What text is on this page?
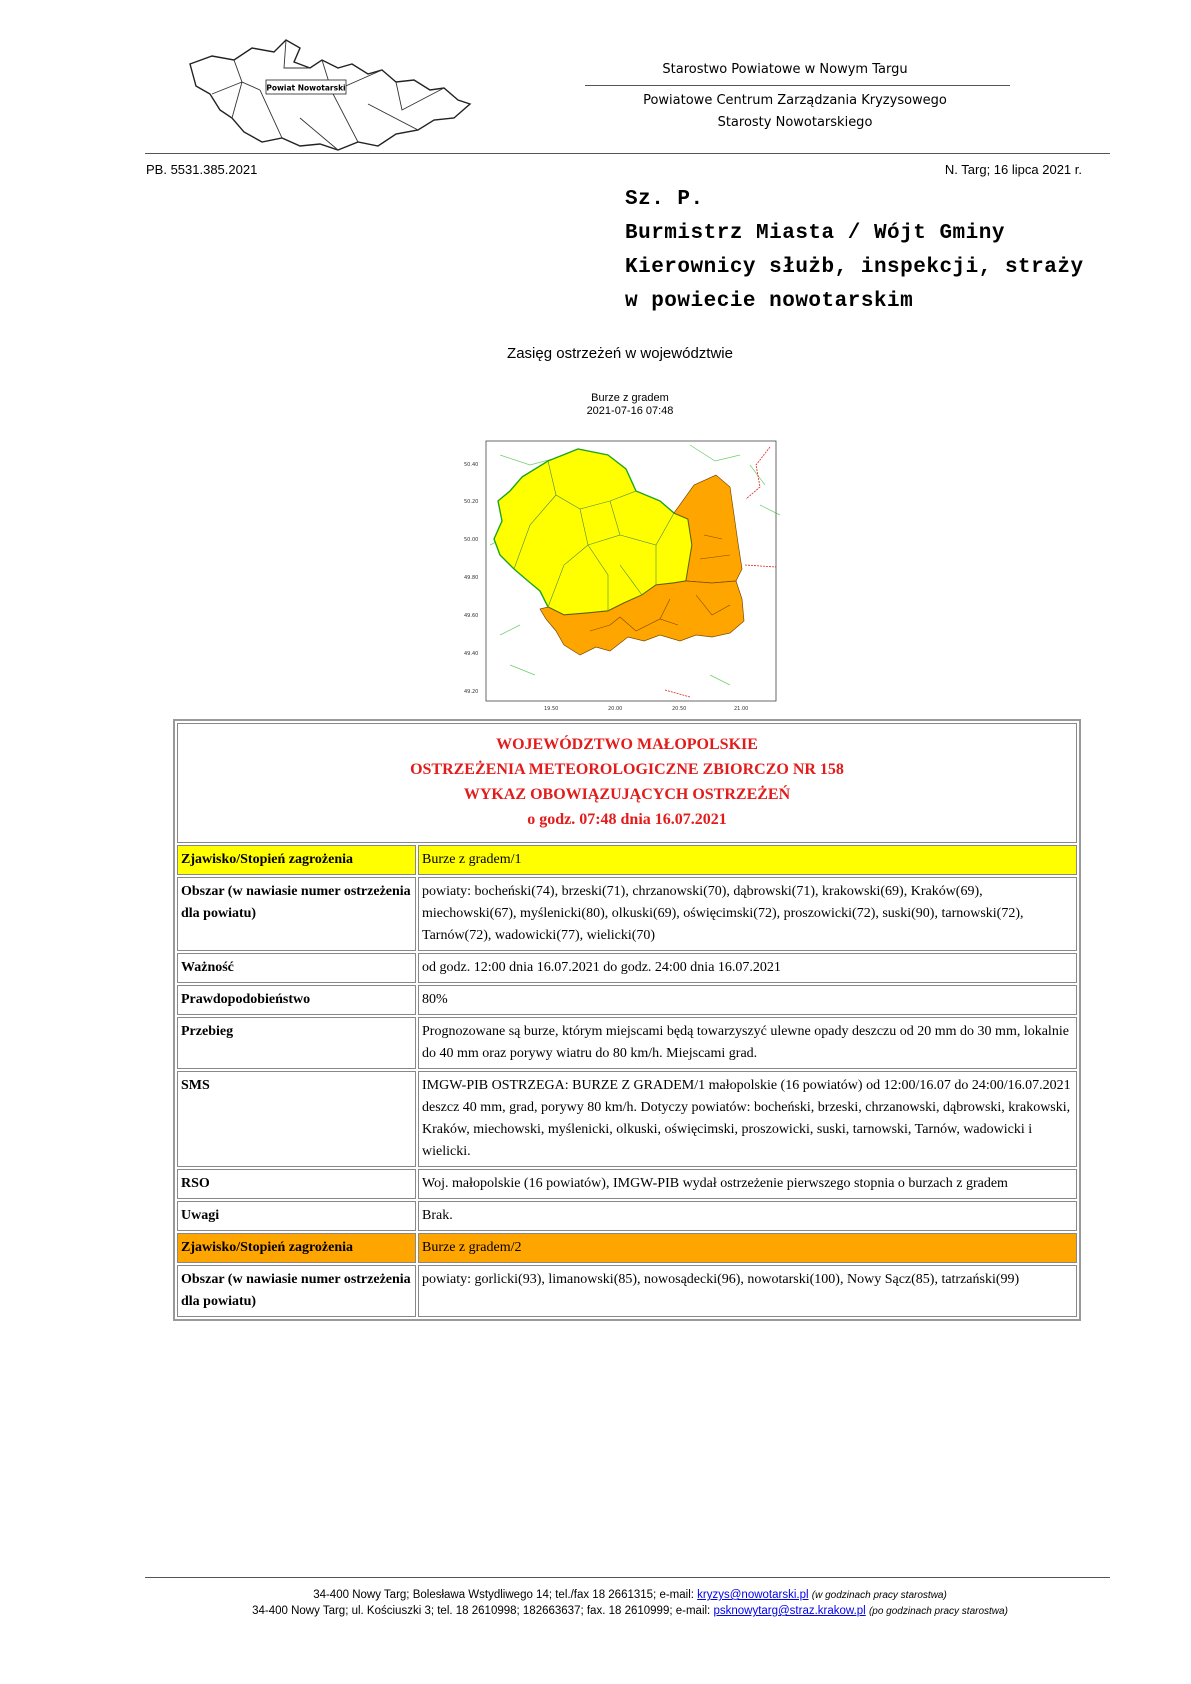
Powiat Nowotarski
Starostwo Powiatowe w Nowym Targu
Powiatowe Centrum Zarządzania Kryzysowego
Starosty Nowotarskiego
PB. 5531.385.2021	N. Targ; 16 lipca 2021 r.
Sz. P.
Burmistrz Miasta / Wójt Gminy
Kierownicy służb, inspekcji, straży
w powiecie nowotarskim
Zasięg ostrzeżeń w województwie
Burze z gradem
2021-07-16 07:48
50.40
50.20
50.00
49.80
49.60
49.40
49.20
19.50	20.00	20.50	21.00
WOJEWÓDZTWO MAŁOPOLSKIE
OSTRZEŻENIA METEOROLOGICZNE ZBIORCZO NR 158
WYKAZ OBOWIĄZUJĄCYCH OSTRZEŻEŃ
o godz. 07:48 dnia 16.07.2021	

Zjawisko/Stopień zagrożenia	Burze z gradem/1
Obszar (w nawiasie numer ostrzeżenia dla powiatu)	powiaty: bocheński(74), brzeski(71), chrzanowski(70), dąbrowski(71), krakowski(69), Kraków(69), miechowski(67), myślenicki(80), olkuski(69), oświęcimski(72), proszowicki(72), suski(90), tarnowski(72), Tarnów(72), wadowicki(77), wielicki(70)
Ważność	od godz. 12:00 dnia 16.07.2021 do godz. 24:00 dnia 16.07.2021
Prawdopodobieństwo	80%
Przebieg	Prognozowane są burze, którym miejscami będą towarzyszyć ulewne opady deszczu od 20 mm do 30 mm, lokalnie do 40 mm oraz porywy wiatru do 80 km/h. Miejscami grad.
SMS	IMGW-PIB OSTRZEGA: BURZE Z GRADEM/1 małopolskie (16 powiatów) od 12:00/16.07 do 24:00/16.07.2021 deszcz 40 mm, grad, porywy 80 km/h. Dotyczy powiatów: bocheński, brzeski, chrzanowski, dąbrowski, krakowski, Kraków, miechowski, myślenicki, olkuski, oświęcimski, proszowicki, suski, tarnowski, Tarnów, wadowicki i wielicki.
RSO	Woj. małopolskie (16 powiatów), IMGW-PIB wydał ostrzeżenie pierwszego stopnia o burzach z gradem
Uwagi	Brak.
Zjawisko/Stopień zagrożenia	Burze z gradem/2
Obszar (w nawiasie numer ostrzeżenia dla powiatu)	powiaty: gorlicki(93), limanowski(85), nowosądecki(96), nowotarski(100), Nowy Sącz(85), tatrzański(99)
34-400 Nowy Targ; Bolesława Wstydliwego 14; tel./fax 18 2661315; e-mail: kryzys@nowotarski.pl (w godzinach pracy starostwa)
34-400 Nowy Targ; ul. Kościuszki 3; tel. 18 2610998; 182663637; fax. 18 2610999; e-mail: psknowytarg@straz.krakow.pl (po godzinach pracy starostwa)
